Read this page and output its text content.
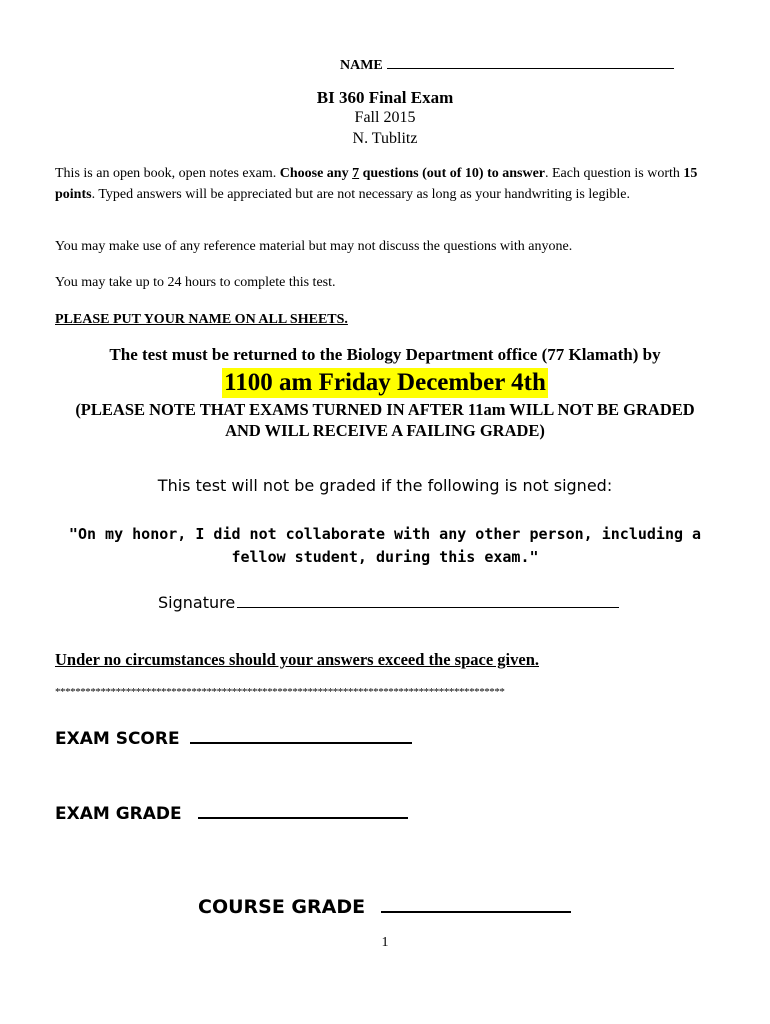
NAME
BI 360 Final Exam
Fall 2015
N. Tublitz
This is an open book, open notes exam. Choose any 7 questions (out of 10) to answer. Each question is worth 15 points. Typed answers will be appreciated but are not necessary as long as your handwriting is legible.
You may make use of any reference material but may not discuss the questions with anyone.
You may take up to 24 hours to complete this test.
PLEASE PUT YOUR NAME ON ALL SHEETS.
The test must be returned to the Biology Department office (77 Klamath) by
1100 am Friday December 4th
(PLEASE NOTE THAT EXAMS TURNED IN AFTER 11am WILL NOT BE GRADED AND WILL RECEIVE A FAILING GRADE)
This test will not be graded if the following is not signed:
"On my honor, I did not collaborate with any other person, including a fellow student, during this exam."
Signature
Under no circumstances should your answers exceed the space given.
*****************************************************************************************
EXAM SCORE
EXAM GRADE
COURSE GRADE
1
